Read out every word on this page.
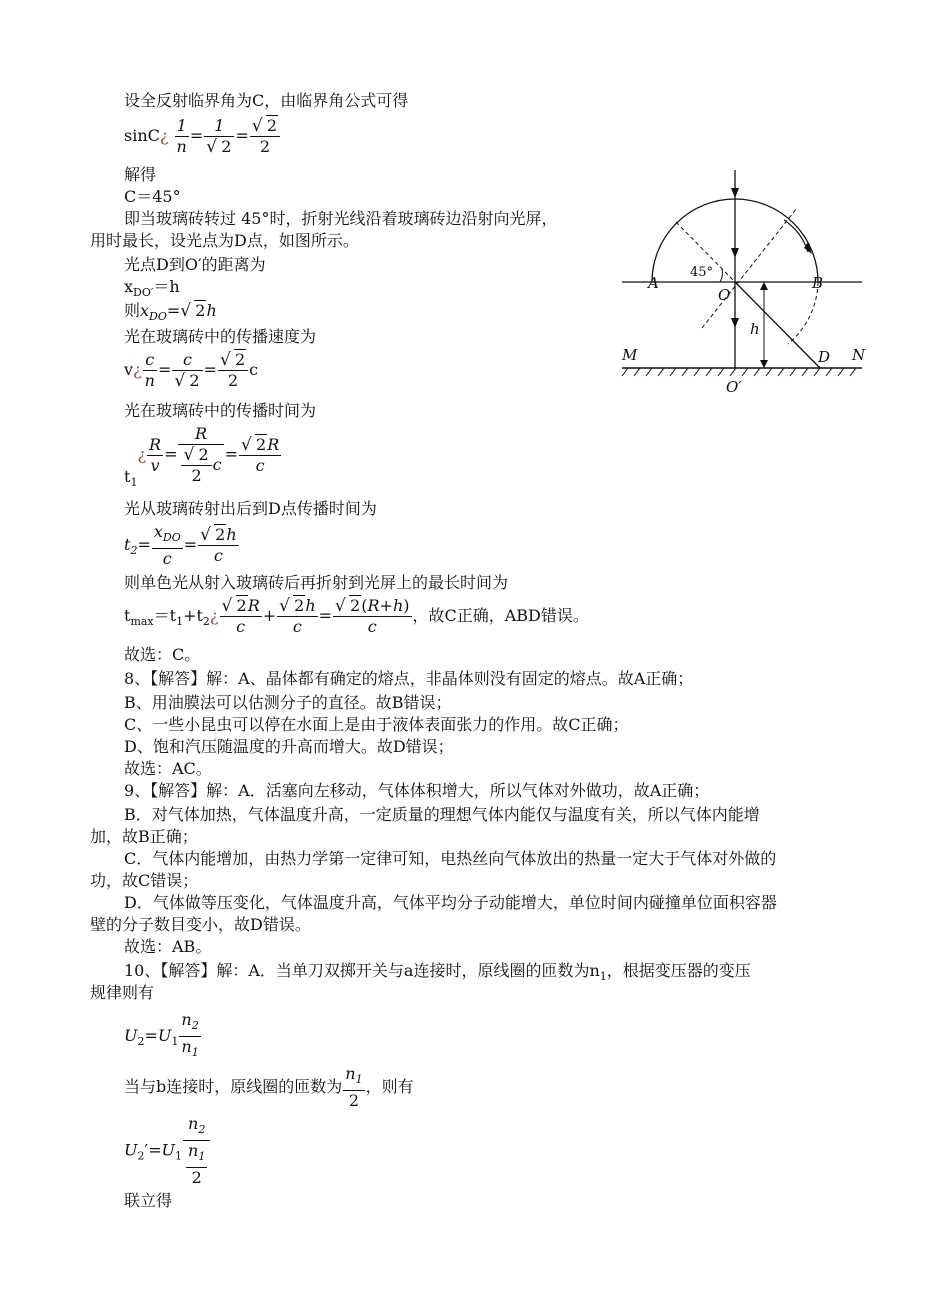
设全反射临界角为C，由临界角公式可得
sinC¿ $\frac{1}{n} = 1$
√ 2 =
√ $\frac{2}{2}$
解得
C＝45°
即当玻璃砖转过 45°时，折射光线沿着玻璃砖边沿射向光屏，
用时最长，设光点为D点，如图所示。
光点D到O′的距离为
$x_{DO'}=h$
则$x_{DO}=√$ 2h
光在玻璃砖中的传播速度为
v¿ $\frac{c}{n} = c$
√ 2 =
√ $\frac{2}{2}$ c
光在玻璃砖中的传播时间为
$t_1¿ \frac{R}{v} = R$
√ $\frac{2}{2}$ c =
√ $\frac{2R}{c}$
光从玻璃砖射出后到D点传播时间为
$t_2=$
$x_{DO}$
c
=
√ $\frac{2h}{c}$
则单色光从射入玻璃砖后再折射到光屏上的最长时间为
$t_{max}=t_1+t_2¿$
√ $\frac{2R}{c}$ +
√ $\frac{2h}{c}$ =
√ $\frac{2(R+h)}{c}$ ，故C正确，ABD错误。
故选：C。
8、【解答】解：A、晶体都有确定的熔点，非晶体则没有固定的熔点。故A正确；
B、用油膜法可以估测分子的直径。故B错误；
C、一些小昆虫可以停在水面上是由于液体表面张力的作用。故C正确；
D、饱和汽压随温度的升高而增大。故D错误；
故选：AC。
9、【解答】解：A．活塞向左移动，气体体积增大，所以气体对外做功，故A正确；
B．对气体加热，气体温度升高，一定质量的理想气体内能仅与温度有关，所以气体内能增
加，故B正确；
C．气体内能增加，由热力学第一定律可知，电热丝向气体放出的热量一定大于气体对外做的
功，故C错误；
D．气体做等压变化，气体温度升高，气体平均分子动能增大，单位时间内碰撞单位面积容器
壁的分子数目变小，故D错误。
故选：AB。
10、【解答】解：A．当单刀双掷开关与a连接时，原线圈的匝数为$n_1$，根据变压器的变压
规律则有
$U_2=U_1 \frac{n_2}{n_1}$
当与b连接时，原线圈的匝数为 $\frac{n_1}{2}$ ，则有
$U_2'=U_1 \frac{n_2}{\frac{n_1}{2}}$
联立得
45°
A	B
O
h
M	N
D
O′
